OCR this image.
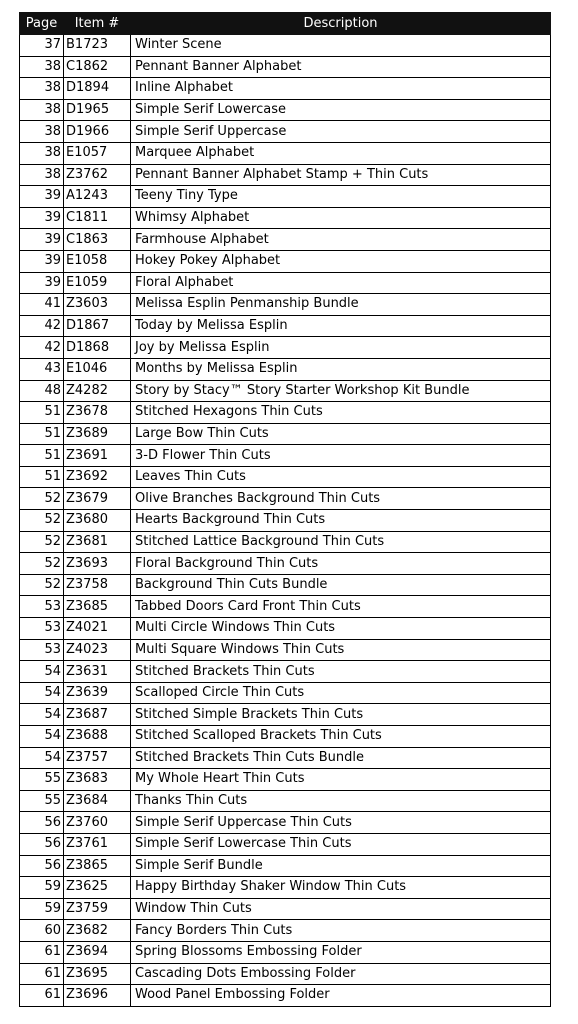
Page	Item #	Description
37	B1723	Winter Scene
38	C1862	Pennant Banner Alphabet
38	D1894	Inline Alphabet
38	D1965	Simple Serif Lowercase
38	D1966	Simple Serif Uppercase
38	E1057	Marquee Alphabet
38	Z3762	Pennant Banner Alphabet Stamp + Thin Cuts
39	A1243	Teeny Tiny Type
39	C1811	Whimsy Alphabet
39	C1863	Farmhouse Alphabet
39	E1058	Hokey Pokey Alphabet
39	E1059	Floral Alphabet
41	Z3603	Melissa Esplin Penmanship Bundle
42	D1867	Today by Melissa Esplin
42	D1868	Joy by Melissa Esplin
43	E1046	Months by Melissa Esplin
48	Z4282	Story by Stacy™ Story Starter Workshop Kit Bundle
51	Z3678	Stitched Hexagons Thin Cuts
51	Z3689	Large Bow Thin Cuts
51	Z3691	3-D Flower Thin Cuts
51	Z3692	Leaves Thin Cuts
52	Z3679	Olive Branches Background Thin Cuts
52	Z3680	Hearts Background Thin Cuts
52	Z3681	Stitched Lattice Background Thin Cuts
52	Z3693	Floral Background Thin Cuts
52	Z3758	Background Thin Cuts Bundle
53	Z3685	Tabbed Doors Card Front Thin Cuts
53	Z4021	Multi Circle Windows Thin Cuts
53	Z4023	Multi Square Windows Thin Cuts
54	Z3631	Stitched Brackets Thin Cuts
54	Z3639	Scalloped Circle Thin Cuts
54	Z3687	Stitched Simple Brackets Thin Cuts
54	Z3688	Stitched Scalloped Brackets Thin Cuts
54	Z3757	Stitched Brackets Thin Cuts Bundle
55	Z3683	My Whole Heart Thin Cuts
55	Z3684	Thanks Thin Cuts
56	Z3760	Simple Serif Uppercase Thin Cuts
56	Z3761	Simple Serif Lowercase Thin Cuts
56	Z3865	Simple Serif Bundle
59	Z3625	Happy Birthday Shaker Window Thin Cuts
59	Z3759	Window Thin Cuts
60	Z3682	Fancy Borders Thin Cuts
61	Z3694	Spring Blossoms Embossing Folder
61	Z3695	Cascading Dots Embossing Folder
61	Z3696	Wood Panel Embossing Folder
